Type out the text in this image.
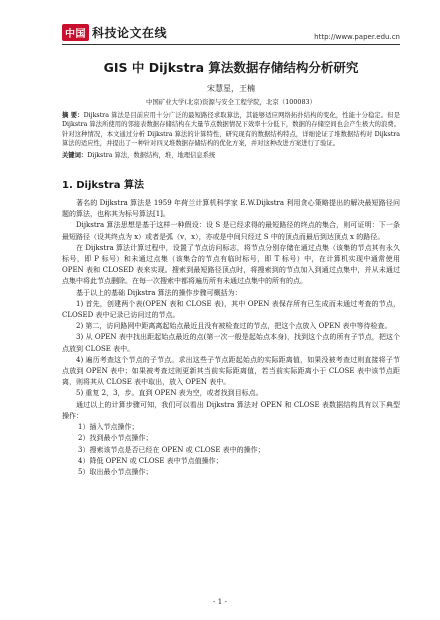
中国 科技论文在线	http://www.paper.edu.cn
GIS 中 Dijkstra 算法数据存储结构分析研究

宋慧星，王楠

中国矿业大学(北京)资源与安全工程学院，北京（100083）

摘 要：Dijkstra 算法是目前应用十分广泛的最短路径求取算法，其能够适应网络拓扑结构的变化，性能十分稳定。但是 Dijkstra 算法所使用的邻接表数据存储结构在大量节点数据情况下效率十分低下，数据的存储空间也会产生极大的浪费。针对这种情况，本文通过分析 Dijkstra 算法的计算特性，研究现有的数据结构特点，详细论证了堆数据结构对 Dijkstra 算法的适应性，并提出了一种针对四叉堆数据存储结构的优化方案，并对这种改进方案进行了验证。

关键词：Dijkstra 算法，数据结构，堆，地理信息系统

1. Dijkstra 算法

著名的 Dijkstra 算法是 1959 年荷兰计算机科学家 E.W.Dijkstra 利用贪心策略提出的解决最短路径问题的算法，也称其为标号算法[1]。

Dijkstra 算法思想是基于这样一种假设：设 S 是已经求得的最短路径的终点的集合，则可证明：下一条最短路径（设其终点为 x）或者是弧（v，x），亦或是中间只经过 S 中的顶点而最后到达顶点 x 的路径。

在 Dijkstra 算法计算过程中，设置了节点访问标志，将节点分别存储在通过点集（该集的节点其有永久标号，即 P 标号）和未通过点集（该集合的节点有临时标号，即 T 标号）中，在计算机实现中通常使用 OPEN 表和 CLOSED 表来实现。搜索到最短路径顶点时，将搜索到的节点加入到通过点集中，并从未通过点集中将此节点删除。在每一次搜索中都将遍历所有未通过点集中的所有的点。

基于以上的基础 Dijkstra 算法的操作步骤可概括为：

1) 首先，创建两个表(OPEN 表和 CLOSE 表)，其中 OPEN 表保存所有已生成而未通过考查的节点，CLOSED 表中记录已访问过的节点。
2) 第二，访问路网中距离离起始点最近且没有被检查过的节点，把这个点放入 OPEN 表中等待检查。
3) 从 OPEN 表中找出距起始点最近的点(第一次一般是起始点本身)，找到这个点的所有子节点，把这个点放到 CLOSE 表中。
4) 遍历考查这个节点的子节点。求出这些子节点距起始点的实际距离值，如果没被考查过则直接将子节点放到 OPEN 表中；如果被考查过则更新其当前实际距离值，若当前实际距离小于 CLOSE 表中该节点距离，则将其从 CLOSE 表中取出，放入 OPEN 表中。
5) 重复 2，3，步。直到 OPEN 表为空，或者找到目标点。

通过以上的计算步骤可知，我们可以看出 Dijkstra 算法对 OPEN 和 CLOSE 表数据结构具有以下典型操作：

1）插入节点操作；
2）找到最小节点操作；
3）搜索该节点是否已经在 OPEN 或 CLOSE 表中的操作；
4）降低 OPEN 或 CLOSE 表中节点值操作；
5）取出最小节点操作；
- 1 -
